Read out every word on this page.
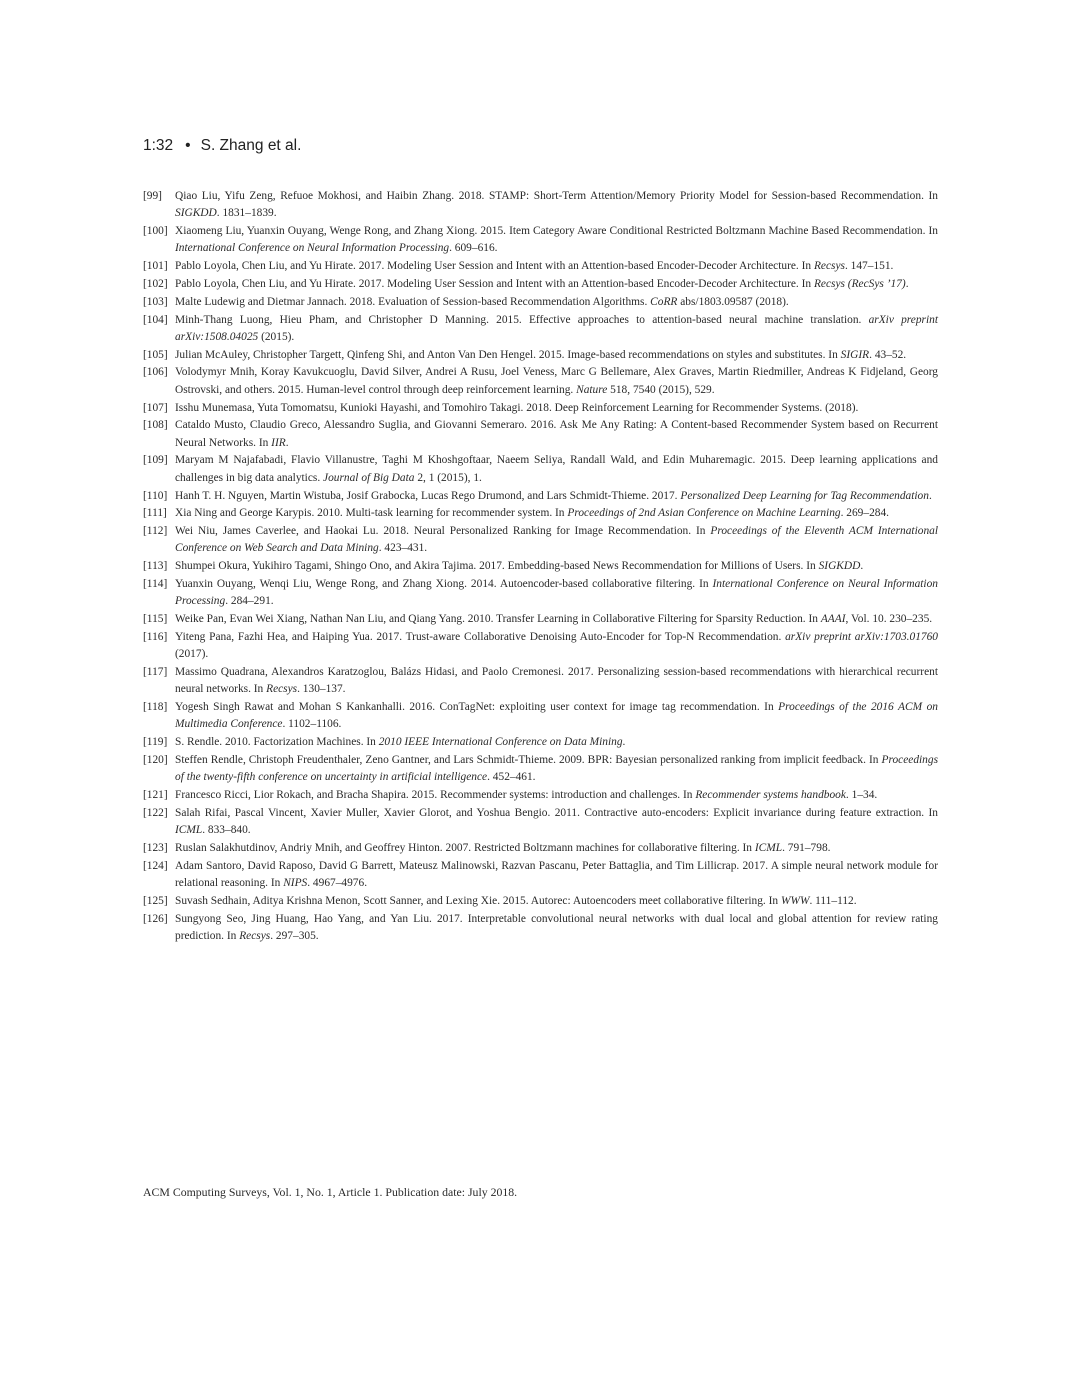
1:32 • S. Zhang et al.
[99]	Qiao Liu, Yifu Zeng, Refuoe Mokhosi, and Haibin Zhang. 2018. STAMP: Short-Term Attention/Memory Priority Model for Session-based Recommendation. In SIGKDD. 1831–1839.
[100] Xiaomeng Liu, Yuanxin Ouyang, Wenge Rong, and Zhang Xiong. 2015. Item Category Aware Conditional Restricted Boltzmann Machine Based Recommendation. In International Conference on Neural Information Processing. 609–616.
[101] Pablo Loyola, Chen Liu, and Yu Hirate. 2017. Modeling User Session and Intent with an Attention-based Encoder-Decoder Architecture. In Recsys. 147–151.
[102] Pablo Loyola, Chen Liu, and Yu Hirate. 2017. Modeling User Session and Intent with an Attention-based Encoder-Decoder Architecture. In Recsys (RecSys ’17).
[103] Malte Ludewig and Dietmar Jannach. 2018. Evaluation of Session-based Recommendation Algorithms. CoRR abs/1803.09587 (2018).
[104] Minh-Thang Luong, Hieu Pham, and Christopher D Manning. 2015. Effective approaches to attention-based neural machine translation. arXiv preprint arXiv:1508.04025 (2015).
[105] Julian McAuley, Christopher Targett, Qinfeng Shi, and Anton Van Den Hengel. 2015. Image-based recommendations on styles and substitutes. In SIGIR. 43–52.
[106] Volodymyr Mnih, Koray Kavukcuoglu, David Silver, Andrei A Rusu, Joel Veness, Marc G Bellemare, Alex Graves, Martin Riedmiller, Andreas K Fidjeland, Georg Ostrovski, and others. 2015. Human-level control through deep reinforcement learning. Nature 518, 7540 (2015), 529.
[107] Isshu Munemasa, Yuta Tomomatsu, Kunioki Hayashi, and Tomohiro Takagi. 2018. Deep Reinforcement Learning for Recommender Systems. (2018).
[108] Cataldo Musto, Claudio Greco, Alessandro Suglia, and Giovanni Semeraro. 2016. Ask Me Any Rating: A Content-based Recommender System based on Recurrent Neural Networks. In IIR.
[109] Maryam M Najafabadi, Flavio Villanustre, Taghi M Khoshgoftaar, Naeem Seliya, Randall Wald, and Edin Muharemagic. 2015. Deep learning applications and challenges in big data analytics. Journal of Big Data 2, 1 (2015), 1.
[110] Hanh T. H. Nguyen, Martin Wistuba, Josif Grabocka, Lucas Rego Drumond, and Lars Schmidt-Thieme. 2017. Personalized Deep Learning for Tag Recommendation.
[111] Xia Ning and George Karypis. 2010. Multi-task learning for recommender system. In Proceedings of 2nd Asian Conference on Machine Learning. 269–284.
[112] Wei Niu, James Caverlee, and Haokai Lu. 2018. Neural Personalized Ranking for Image Recommendation. In Proceedings of the Eleventh ACM International Conference on Web Search and Data Mining. 423–431.
[113] Shumpei Okura, Yukihiro Tagami, Shingo Ono, and Akira Tajima. 2017. Embedding-based News Recommendation for Millions of Users. In SIGKDD.
[114] Yuanxin Ouyang, Wenqi Liu, Wenge Rong, and Zhang Xiong. 2014. Autoencoder-based collaborative filtering. In International Conference on Neural Information Processing. 284–291.
[115] Weike Pan, Evan Wei Xiang, Nathan Nan Liu, and Qiang Yang. 2010. Transfer Learning in Collaborative Filtering for Sparsity Reduction. In AAAI, Vol. 10. 230–235.
[116] Yiteng Pana, Fazhi Hea, and Haiping Yua. 2017. Trust-aware Collaborative Denoising Auto-Encoder for Top-N Recommendation. arXiv preprint arXiv:1703.01760 (2017).
[117] Massimo Quadrana, Alexandros Karatzoglou, Balázs Hidasi, and Paolo Cremonesi. 2017. Personalizing session-based recommendations with hierarchical recurrent neural networks. In Recsys. 130–137.
[118] Yogesh Singh Rawat and Mohan S Kankanhalli. 2016. ConTagNet: exploiting user context for image tag recommendation. In Proceedings of the 2016 ACM on Multimedia Conference. 1102–1106.
[119] S. Rendle. 2010. Factorization Machines. In 2010 IEEE International Conference on Data Mining.
[120] Steffen Rendle, Christoph Freudenthaler, Zeno Gantner, and Lars Schmidt-Thieme. 2009. BPR: Bayesian personalized ranking from implicit feedback. In Proceedings of the twenty-fifth conference on uncertainty in artificial intelligence. 452–461.
[121] Francesco Ricci, Lior Rokach, and Bracha Shapira. 2015. Recommender systems: introduction and challenges. In Recommender systems handbook. 1–34.
[122] Salah Rifai, Pascal Vincent, Xavier Muller, Xavier Glorot, and Yoshua Bengio. 2011. Contractive auto-encoders: Explicit invariance during feature extraction. In ICML. 833–840.
[123] Ruslan Salakhutdinov, Andriy Mnih, and Geoffrey Hinton. 2007. Restricted Boltzmann machines for collaborative filtering. In ICML. 791–798.
[124] Adam Santoro, David Raposo, David G Barrett, Mateusz Malinowski, Razvan Pascanu, Peter Battaglia, and Tim Lillicrap. 2017. A simple neural network module for relational reasoning. In NIPS. 4967–4976.
[125] Suvash Sedhain, Aditya Krishna Menon, Scott Sanner, and Lexing Xie. 2015. Autorec: Autoencoders meet collaborative filtering. In WWW. 111–112.
[126] Sungyong Seo, Jing Huang, Hao Yang, and Yan Liu. 2017. Interpretable convolutional neural networks with dual local and global attention for review rating prediction. In Recsys. 297–305.
ACM Computing Surveys, Vol. 1, No. 1, Article 1. Publication date: July 2018.
